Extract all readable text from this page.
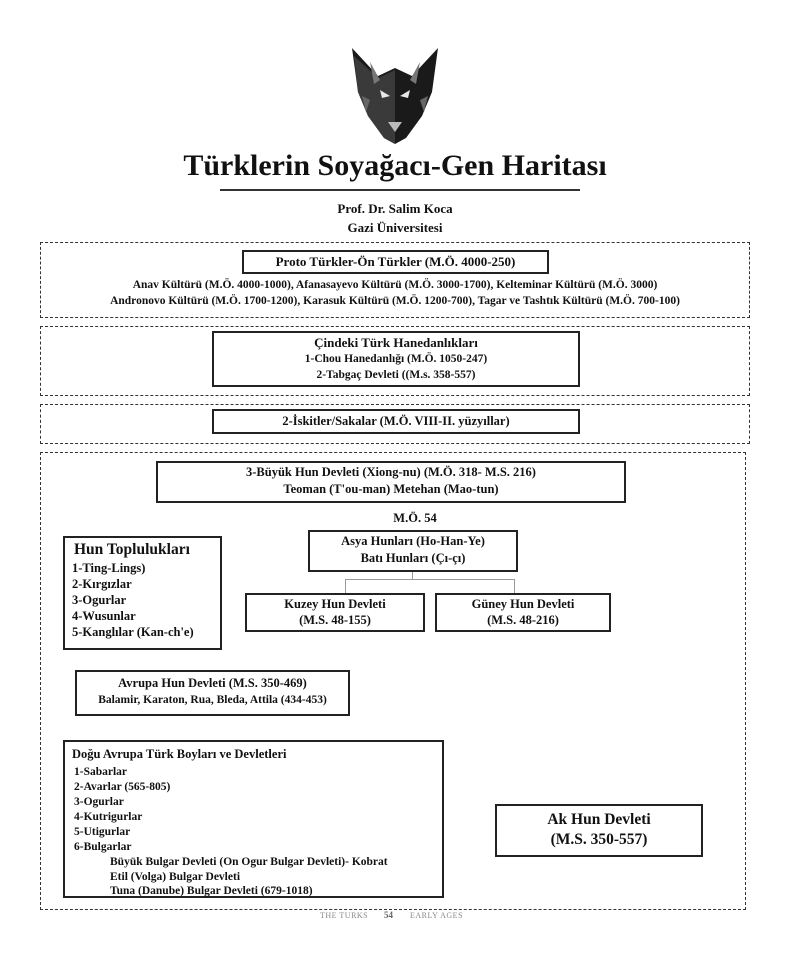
Türklerin Soyağacı-Gen Haritası
Prof. Dr. Salim Koca
Gazi Üniversitesi
Proto Türkler-Ön Türkler (M.Ö. 4000-250)
Anav Kültürü (M.Ö. 4000-1000), Afanasayevo Kültürü (M.Ö. 3000-1700), Kelteminar Kültürü (M.Ö. 3000)
Andronovo Kültürü (M.Ö. 1700-1200), Karasuk Kültürü (M.Ö. 1200-700), Tagar ve Tashtık Kültürü (M.Ö. 700-100)
Çindeki Türk Hanedanlıkları
1-Chou Hanedanlığı (M.Ö. 1050-247)
2-Tabgaç Devleti ((M.s. 358-557)
2-İskitler/Sakalar (M.Ö. VIII-II. yüzyıllar)
3-Büyük Hun Devleti (Xiong-nu) (M.Ö. 318- M.S. 216)
Teoman (T'ou-man) Metehan (Mao-tun)
M.Ö. 54
Asya Hunları (Ho-Han-Ye)
Batı Hunları (Çı-çı)
Kuzey Hun Devleti
(M.S. 48-155)
Güney Hun Devleti
(M.S. 48-216)
Hun Toplulukları
1-Ting-Lings)
2-Kırgızlar
3-Ogurlar
4-Wusunlar
5-Kanglılar (Kan-ch'e)
Avrupa Hun Devleti (M.S. 350-469)
Balamir, Karaton, Rua, Bleda, Attila (434-453)
Doğu Avrupa Türk Boyları ve Devletleri
1-Sabarlar
2-Avarlar (565-805)
3-Ogurlar
4-Kutrigurlar
5-Utigurlar
6-Bulgarlar
Büyük Bulgar Devleti (On Ogur Bulgar Devleti)- Kobrat
Etil (Volga) Bulgar Devleti
Tuna (Danube) Bulgar Devleti (679-1018)
Ak Hun Devleti
(M.S. 350-557)
THE TURKS 54 EARLY AGES
